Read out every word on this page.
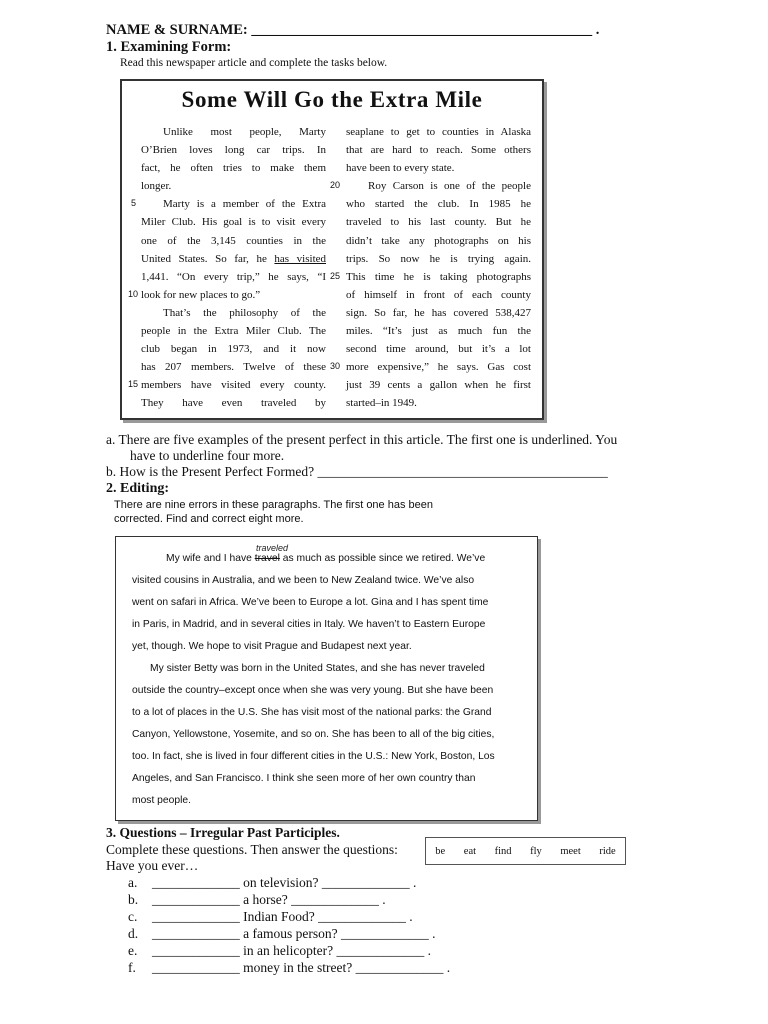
NAME & SURNAME: _______________________________________________ .
1. Examining Form:
Read this newspaper article and complete the tasks below.
Some Will Go the Extra Mile
Unlike most people, Marty
O’Brien loves long car trips. In
fact, he often tries to make them
longer.
Marty is a member of the Extra
Miler Club. His goal is to visit every
one of the 3,145 counties in the
United States. So far, he has visited
1,441. “On every trip,” he says, “I
look for new places to go.”
That’s the philosophy of the
people in the Extra Miler Club. The
club began in 1973, and it now
has 207 members. Twelve of these
members have visited every county.
They have even traveled by
seaplane to get to counties in Alaska
that are hard to reach. Some others
have been to every state.
Roy Carson is one of the people
who started the club. In 1985 he
traveled to his last county. But he
didn’t take any photographs on his
trips. So now he is trying again.
This time he is taking photographs
of himself in front of each county
sign. So far, he has covered 538,427
miles. “It’s just as much fun the
second time around, but it’s a lot
more expensive,” he says. Gas cost
just 39 cents a gallon when he first
started–in 1949.
5
10
15
20
25
30
a. There are five examples of the present perfect in this article. The first one is underlined. You
have to underline four more.
b. How is the Present Perfect Formed? ___________________________________________
2. Editing:
There are nine errors in these paragraphs. The first one has been corrected. Find and correct eight more.
traveled
My wife and I have travel as much as possible since we retired. We’ve
visited cousins in Australia, and we been to New Zealand twice. We’ve also
went on safari in Africa. We’ve been to Europe a lot. Gina and I has spent time
in Paris, in Madrid, and in several cities in Italy. We haven’t to Eastern Europe
yet, though. We hope to visit Prague and Budapest next year.
My sister Betty was born in the United States, and she has never traveled
outside the country–except once when she was very young. But she have been
to a lot of places in the U.S. She has visit most of the national parks: the Grand
Canyon, Yellowstone, Yosemite, and so on. She has been to all of the big cities,
too. In fact, she is lived in four different cities in the U.S.: New York, Boston, Los
Angeles, and San Francisco. I think she seen more of her own country than
most people.
3. Questions – Irregular Past Participles.
Complete these questions. Then answer the questions:
Have you ever…
be eat find fly meet ride
a. _____________ on television? _____________ .
b. _____________ a horse? _____________ .
c. _____________ Indian Food? _____________ .
d. _____________ a famous person? _____________ .
e. _____________ in an helicopter? _____________ .
f. _____________ money in the street? _____________ .
